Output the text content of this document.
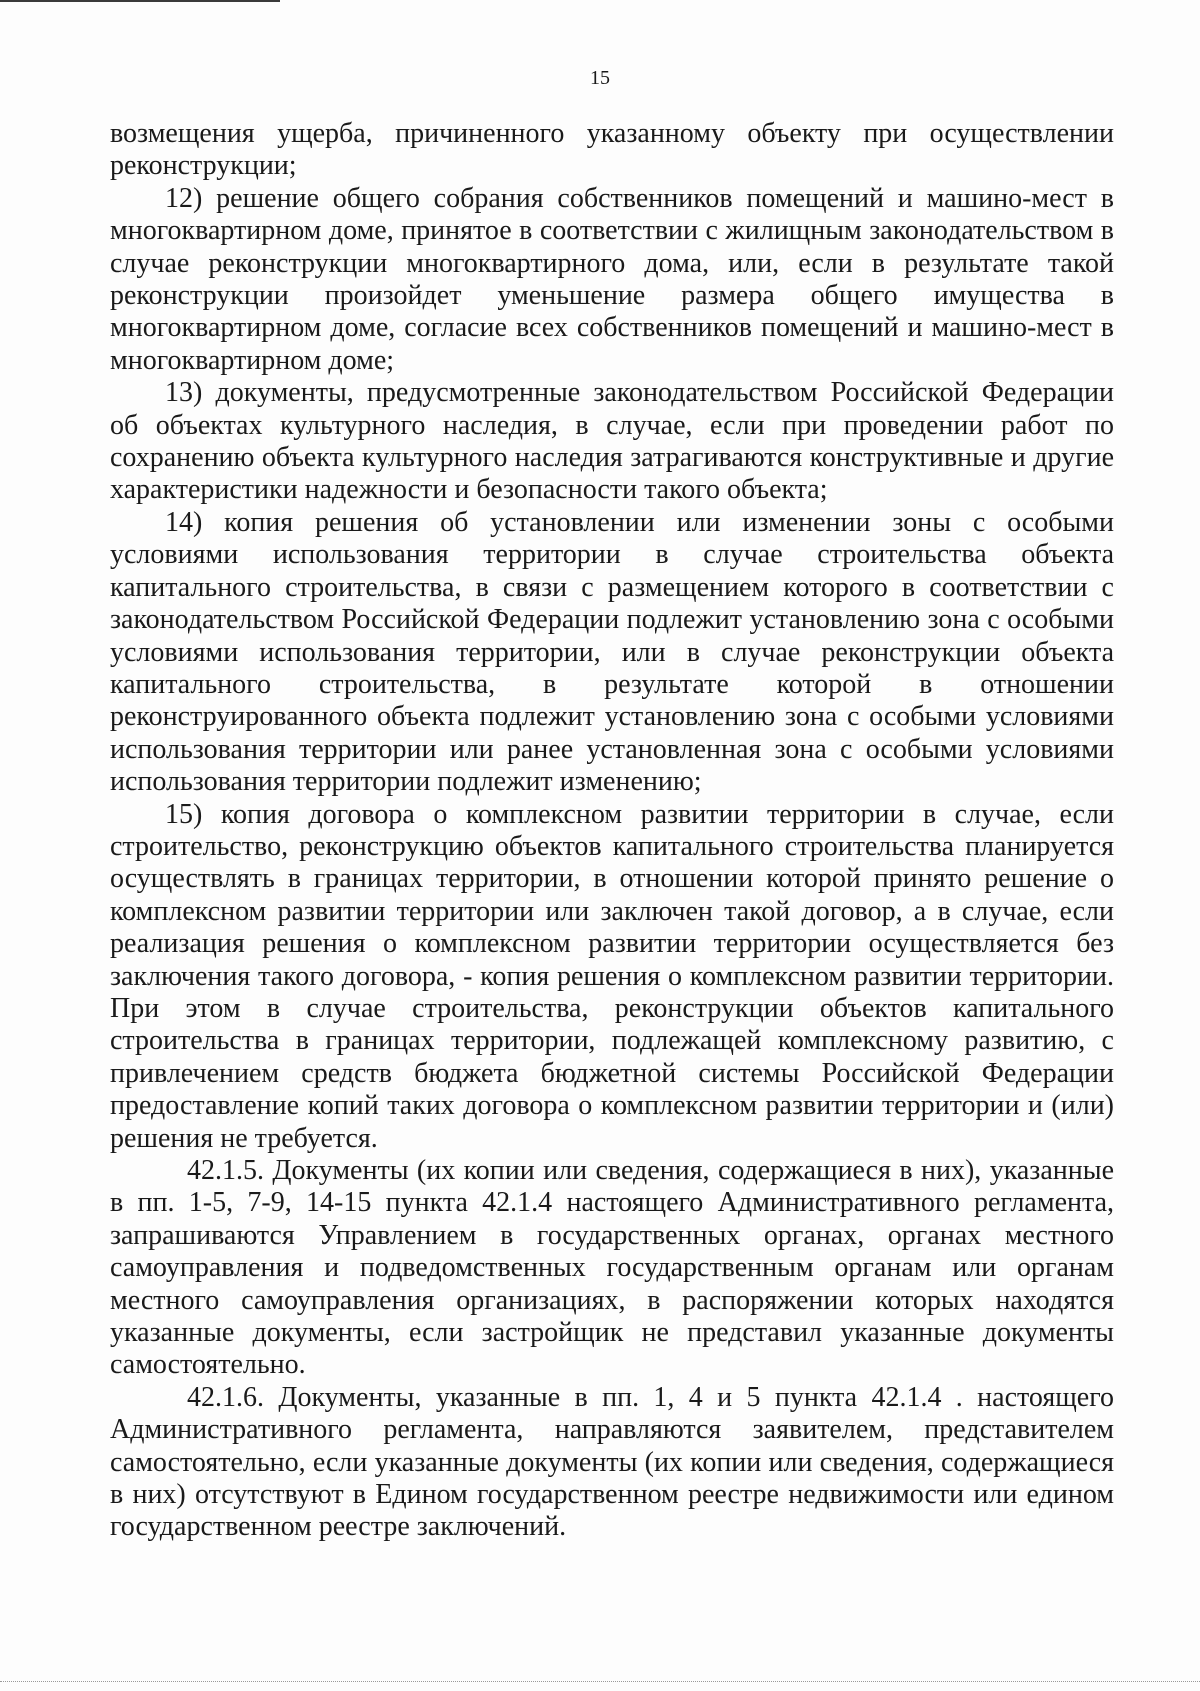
15

возмещения ущерба, причиненного указанному объекту при осуществлении реконструкции;

12) решение общего собрания собственников помещений и машино-мест в многоквартирном доме, принятое в соответствии с жилищным законодательством в случае реконструкции многоквартирного дома, или, если в результате такой реконструкции произойдет уменьшение размера общего имущества в многоквартирном доме, согласие всех собственников помещений и машино-мест в многоквартирном доме;

13) документы, предусмотренные законодательством Российской Федерации об объектах культурного наследия, в случае, если при проведении работ по сохранению объекта культурного наследия затрагиваются конструктивные и другие характеристики надежности и безопасности такого объекта;

14) копия решения об установлении или изменении зоны с особыми условиями использования территории в случае строительства объекта капитального строительства, в связи с размещением которого в соответствии с законодательством Российской Федерации подлежит установлению зона с особыми условиями использования территории, или в случае реконструкции объекта капитального строительства, в результате которой в отношении реконструированного объекта подлежит установлению зона с особыми условиями использования территории или ранее установленная зона с особыми условиями использования территории подлежит изменению;

15) копия договора о комплексном развитии территории в случае, если строительство, реконструкцию объектов капитального строительства планируется осуществлять в границах территории, в отношении которой принято решение о комплексном развитии территории или заключен такой договор, а в случае, если реализация решения о комплексном развитии территории осуществляется без заключения такого договора, - копия решения о комплексном развитии территории. При этом в случае строительства, реконструкции объектов капитального строительства в границах территории, подлежащей комплексному развитию, с привлечением средств бюджета бюджетной системы Российской Федерации предоставление копий таких договора о комплексном развитии территории и (или) решения не требуется.

42.1.5. Документы (их копии или сведения, содержащиеся в них), указанные в пп. 1-5, 7-9, 14-15 пункта 42.1.4 настоящего Административного регламента, запрашиваются Управлением в государственных органах, органах местного самоуправления и подведомственных государственным органам или органам местного самоуправления организациях, в распоряжении которых находятся указанные документы, если застройщик не представил указанные документы самостоятельно.

42.1.6. Документы, указанные в пп. 1, 4 и 5 пункта 42.1.4 . настоящего Административного регламента, направляются заявителем, представителем самостоятельно, если указанные документы (их копии или сведения, содержащиеся в них) отсутствуют в Едином государственном реестре недвижимости или едином государственном реестре заключений.
